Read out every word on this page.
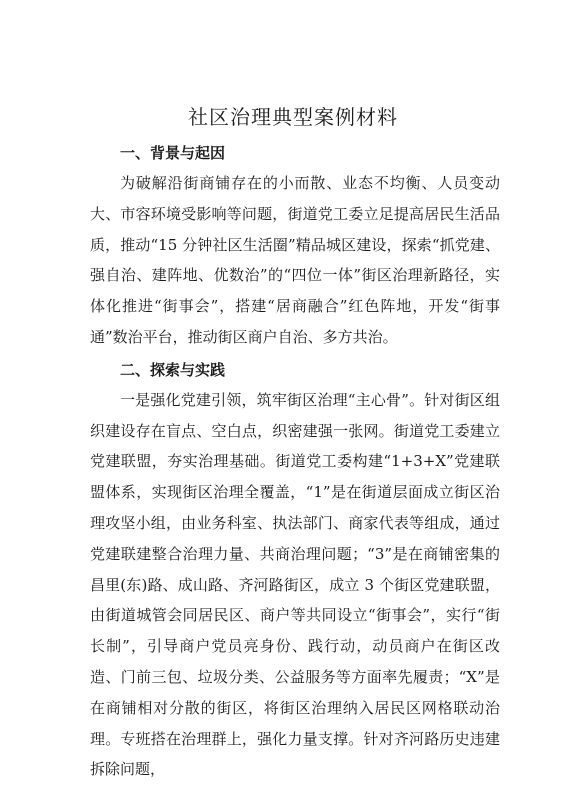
社区治理典型案例材料

一、背景与起因

为破解沿街商铺存在的小而散、业态不均衡、人员变动大、市容环境受影响等问题，街道党工委立足提高居民生活品质，推动“15 分钟社区生活圈”精品城区建设，探索“抓党建、强自治、建阵地、优数治”的“四位一体”街区治理新路径，实体化推进“街事会”，搭建“居商融合”红色阵地，开发“街事通”数治平台，推动街区商户自治、多方共治。

二、探索与实践

一是强化党建引领，筑牢街区治理“主心骨”。针对街区组织建设存在盲点、空白点，织密建强一张网。街道党工委建立党建联盟，夯实治理基础。街道党工委构建“1+3+X”党建联盟体系，实现街区治理全覆盖，“1”是在街道层面成立街区治理攻坚小组，由业务科室、执法部门、商家代表等组成，通过党建联建整合治理力量、共商治理问题；“3”是在商铺密集的昌里(东)路、成山路、齐河路街区，成立 3 个街区党建联盟，由街道城管会同居民区、商户等共同设立“街事会”，实行“街长制”，引导商户党员亮身份、践行动，动员商户在街区改造、门前三包、垃圾分类、公益服务等方面率先履责；“X”是在商铺相对分散的街区，将街区治理纳入居民区网格联动治理。专班搭在治理群上，强化力量支撑。针对齐河路历史违建拆除问题，
